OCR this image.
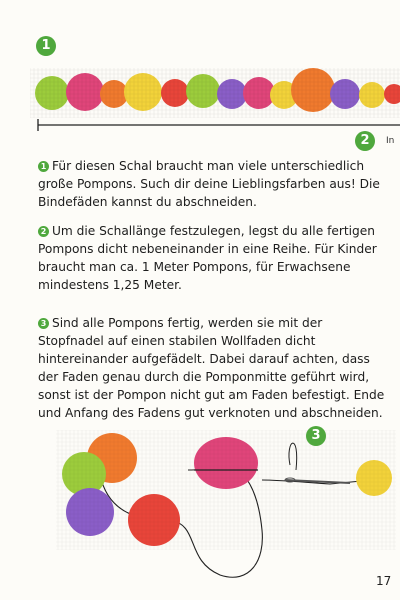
1
2
3
In
1 Für diesen Schal braucht man viele unterschiedlich große Pompons. Such dir deine Lieblingsfarben aus! Die Bindefäden kannst du abschneiden.
2 Um die Schallänge festzulegen, legst du alle fertigen Pompons dicht nebeneinander in eine Reihe. Für Kinder braucht man ca. 1 Meter Pompons, für Erwachsene mindestens 1,25 Meter.
3 Sind alle Pompons fertig, werden sie mit der Stopfnadel auf einen stabilen Wollfaden dicht hintereinander aufgefädelt. Dabei darauf achten, dass der Faden genau durch die Pomponmitte geführt wird, sonst ist der Pompon nicht gut am Faden befestigt. Ende und Anfang des Fadens gut verknoten und abschneiden.
17
